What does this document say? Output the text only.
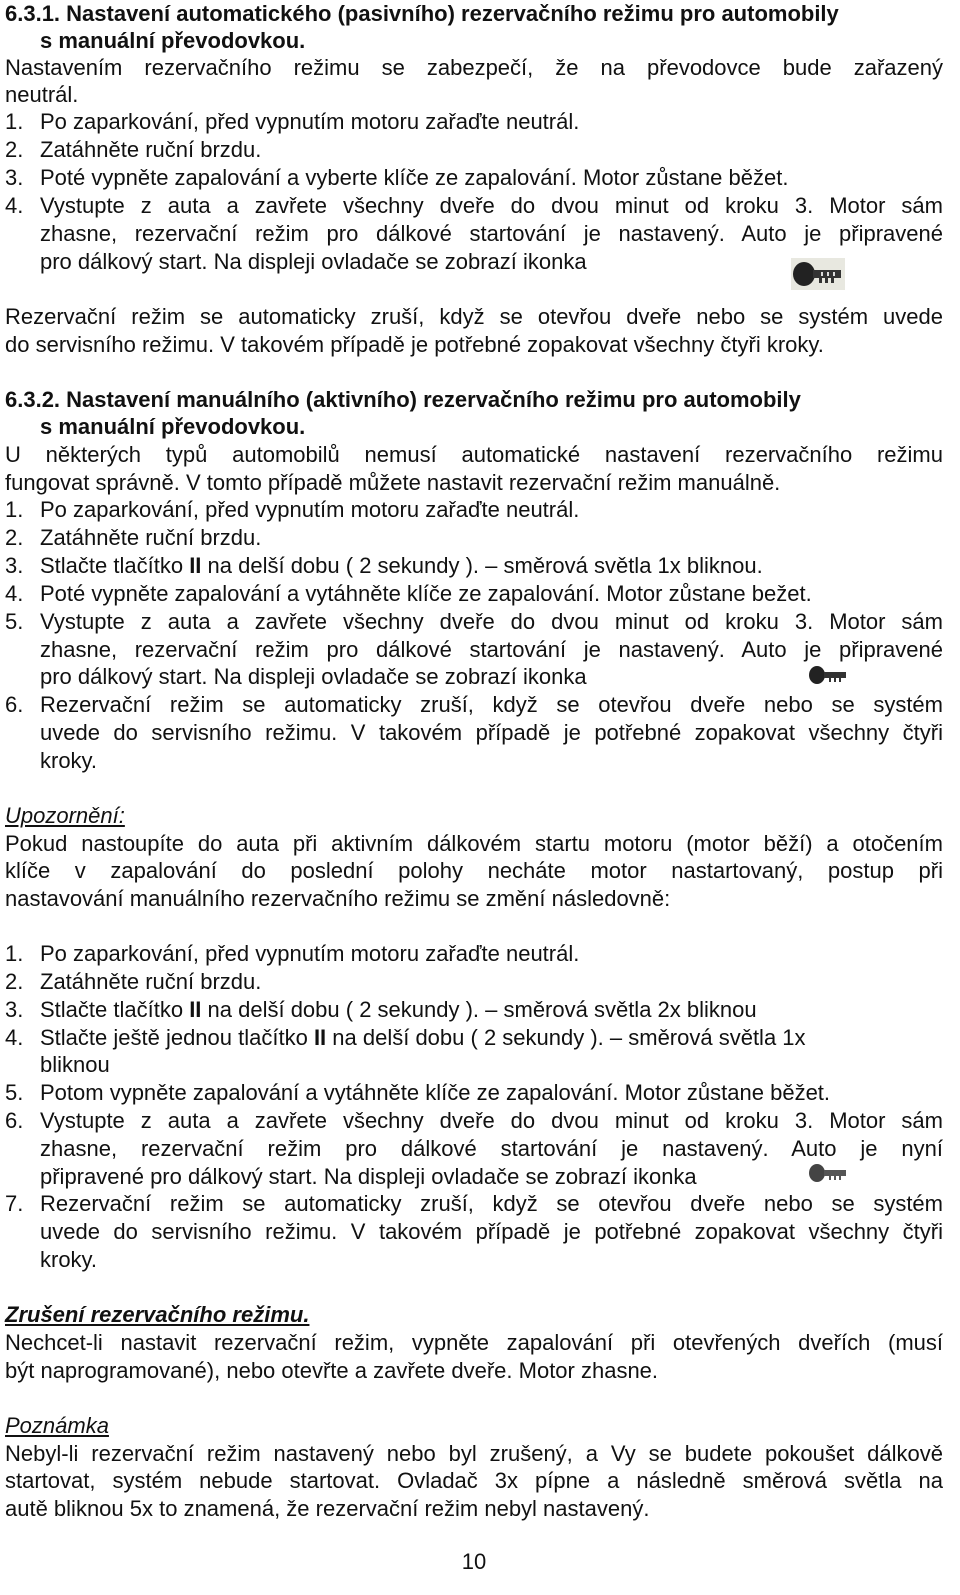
6.3.1. Nastavení automatického (pasivního) rezervačního režimu pro automobily
s manuální převodovkou.
Nastavením rezervačního režimu se zabezpečí, že na převodovce bude zařazený
neutrál.
1. Po zaparkování, před vypnutím motoru zařaďte neutrál.
2. Zatáhněte ruční brzdu.
3. Poté vypněte zapalování a vyberte klíče ze zapalování. Motor zůstane běžet.
4. Vystupte z auta a zavřete všechny dveře do dvou minut od kroku 3. Motor sám
zhasne, rezervační režim pro dálkové startování je nastavený. Auto je připravené
pro dálkový start. Na displeji ovladače se zobrazí ikonka
Rezervační režim se automaticky zruší, když se otevřou dveře nebo se systém uvede
do servisního režimu. V takovém případě je potřebné zopakovat všechny čtyři kroky.
6.3.2. Nastavení manuálního (aktivního) rezervačního režimu pro automobily
s manuální převodovkou.
U některých typů automobilů nemusí automatické nastavení rezervačního režimu
fungovat správně. V tomto případě můžete nastavit rezervační režim manuálně.
1. Po zaparkování, před vypnutím motoru zařaďte neutrál.
2. Zatáhněte ruční brzdu.
3. Stlačte tlačítko II na delší dobu ( 2 sekundy ). – směrová světla 1x bliknou.
4. Poté vypněte zapalování a vytáhněte klíče ze zapalování. Motor zůstane bežet.
5. Vystupte z auta a zavřete všechny dveře do dvou minut od kroku 3. Motor sám
zhasne, rezervační režim pro dálkové startování je nastavený. Auto je připravené
pro dálkový start. Na displeji ovladače se zobrazí ikonka
6. Rezervační režim se automaticky zruší, když se otevřou dveře nebo se systém
uvede do servisního režimu. V takovém případě je potřebné zopakovat všechny čtyři
kroky.
Upozornění:
Pokud nastoupíte do auta při aktivním dálkovém startu motoru (motor běží) a otočením
klíče v zapalování do poslední polohy necháte motor nastartovaný, postup při
nastavování manuálního rezervačního režimu se změní následovně:
1. Po zaparkování, před vypnutím motoru zařaďte neutrál.
2. Zatáhněte ruční brzdu.
3. Stlačte tlačítko II na delší dobu ( 2 sekundy ). – směrová světla 2x bliknou
4. Stlačte ještě jednou tlačítko II na delší dobu ( 2 sekundy ). – směrová světla 1x
bliknou
5. Potom vypněte zapalování a vytáhněte klíče ze zapalování. Motor zůstane běžet.
6. Vystupte z auta a zavřete všechny dveře do dvou minut od kroku 3. Motor sám
zhasne, rezervační režim pro dálkové startování je nastavený. Auto je nyní
připravené pro dálkový start. Na displeji ovladače se zobrazí ikonka
7. Rezervační režim se automaticky zruší, když se otevřou dveře nebo se systém
uvede do servisního režimu. V takovém případě je potřebné zopakovat všechny čtyři
kroky.
Zrušení rezervačního režimu.
Nechcet-li nastavit rezervační režim, vypněte zapalování při otevřených dveřích (musí
být naprogramované), nebo otevřte a zavřete dveře. Motor zhasne.
Poznámka
Nebyl-li rezervační režim nastavený nebo byl zrušený, a Vy se budete pokoušet dálkově
startovat, systém nebude startovat. Ovladač 3x pípne a následně směrová světla na
autě bliknou 5x to znamená, že rezervační režim nebyl nastavený.
10
